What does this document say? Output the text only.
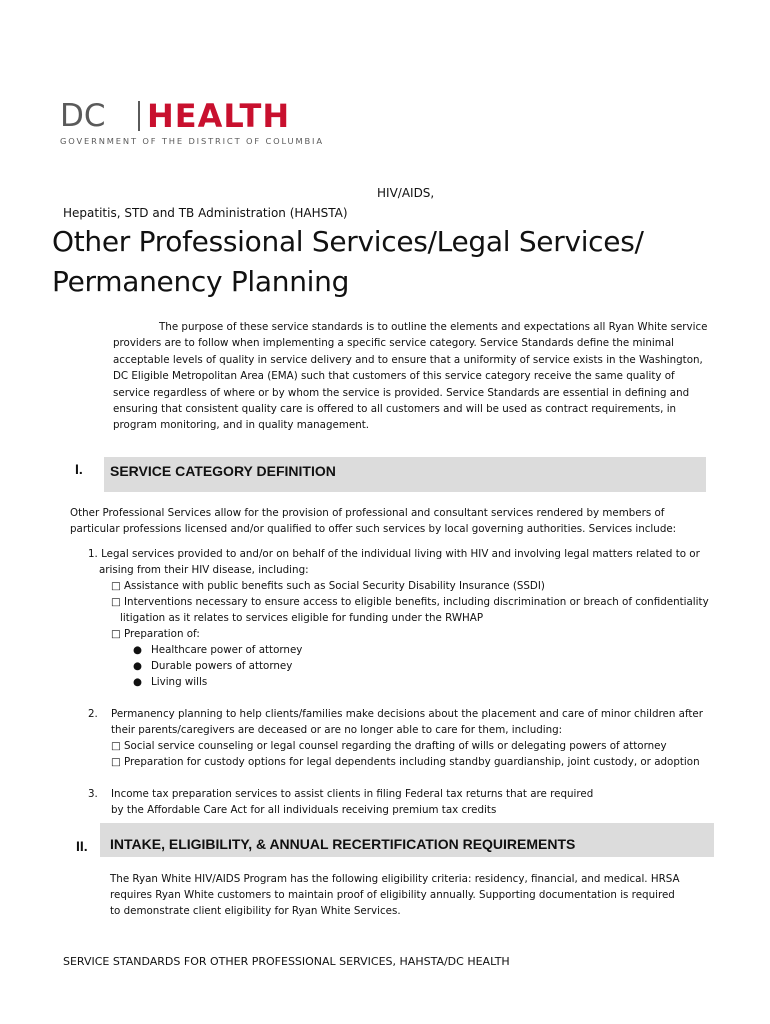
DC HEALTH
GOVERNMENT OF THE DISTRICT OF COLUMBIA
HIV/AIDS,
Hepatitis, STD and TB Administration (HAHSTA)
Other Professional Services/Legal Services/ Permanency Planning

The purpose of these service standards is to outline the elements and expectations all Ryan White service providers are to follow when implementing a specific service category. Service Standards define the minimal acceptable levels of quality in service delivery and to ensure that a uniformity of service exists in the Washington, DC Eligible Metropolitan Area (EMA) such that customers of this service category receive the same quality of service regardless of where or by whom the service is provided. Service Standards are essential in defining and ensuring that consistent quality care is offered to all customers and will be used as contract requirements, in program monitoring, and in quality management.

I. SERVICE CATEGORY DEFINITION
Other Professional Services allow for the provision of professional and consultant services rendered by members of
particular professions licensed and/or qualified to offer such services by local governing authorities. Services include:
1. Legal services provided to and/or on behalf of the individual living with HIV and involving legal matters related to or
arising from their HIV disease, including:
□ Assistance with public benefits such as Social Security Disability Insurance (SSDI)
□ Interventions necessary to ensure access to eligible benefits, including discrimination or breach of confidentiality
litigation as it relates to services eligible for funding under the RWHAP
□ Preparation of:
● Healthcare power of attorney
● Durable powers of attorney
● Living wills
2. Permanency planning to help clients/families make decisions about the placement and care of minor children after
their parents/caregivers are deceased or are no longer able to care for them, including:
□ Social service counseling or legal counsel regarding the drafting of wills or delegating powers of attorney
□ Preparation for custody options for legal dependents including standby guardianship, joint custody, or adoption
3. Income tax preparation services to assist clients in filing Federal tax returns that are required
by the Affordable Care Act for all individuals receiving premium tax credits
II. INTAKE, ELIGIBILITY, & ANNUAL RECERTIFICATION REQUIREMENTS
The Ryan White HIV/AIDS Program has the following eligibility criteria: residency, financial, and medical. HRSA
requires Ryan White customers to maintain proof of eligibility annually. Supporting documentation is required
to demonstrate client eligibility for Ryan White Services.
SERVICE STANDARDS FOR OTHER PROFESSIONAL SERVICES, HAHSTA/DC HEALTH
